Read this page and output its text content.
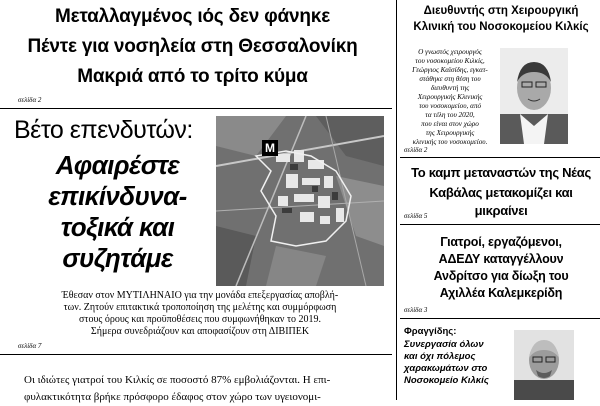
Μεταλλαγμένος ιός δεν φάνηκε
Πέντε για νοσηλεία στη Θεσσαλονίκη
Μακριά από το τρίτο κύμα
σελίδα 2
Βέτο επενδυτών:
Αφαιρέστε
επικίνδυνα-
τοξικά και
συζητάμε
M
Έθεσαν στον ΜΥΤΙΛΗΝΑΙΟ για την μονάδα επεξεργασίας αποβλή-
των. Ζητούν επιτακτικά τροποποίηση της μελέτης και συμμόρφωση
στους όρους και προϋποθέσεις που συμφωνήθηκαν το 2019.
Σήμερα συνεδριάζουν και αποφασίζουν στη ΔΙΒΙΠΕΚ
σελίδα 7
Οι ιδιώτες γιατροί του Κιλκίς σε ποσοστό 87% εμβολιάζονται. Η επι-
φυλακτικότητα βρήκε πρόσφορο έδαφος στον χώρο των υγειονομι-
Διευθυντής στη Χειρουργική
Κλινική του Νοσοκομείου Κιλκίς
Ο γνωστός χειρουργός
του νοσοκομείου Κιλκίς,
Γεώργιος Καϊσίδης, εγκατ-
στάθηκε στη θέση του
διευθυντή της
Χειρουργικής Κλινικής
του νοσοκομείου, από
τα τέλη του 2020,
που είναι στον χώρο
της Χειρουργικής
κλινικής του νοσοκομείου.
σελίδα 2
Το καμπ μεταναστών της Νέας
Καβάλας μετακομίζει και μικραίνει
σελίδα 5
Γιατροί, εργαζόμενοι,
ΑΔΕΔΥ καταγγέλλουν
Ανδρίτσο για δίωξη του
Αχιλλέα Καλεμκερίδη
σελίδα 3
Φραγγίδης:
Συνεργασία όλων
και όχι πόλεμος
χαρακωμάτων στο
Νοσοκομείο Κιλκίς
